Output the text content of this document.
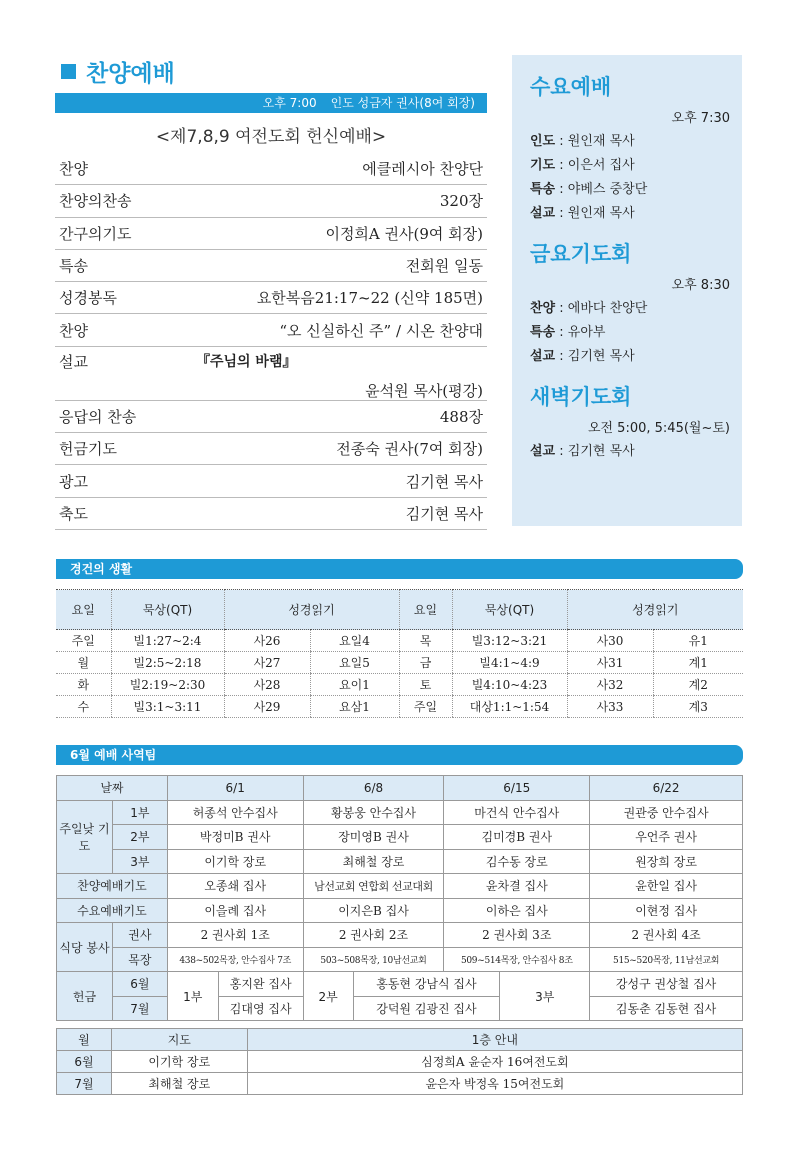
찬양예배
오후 7:00 인도 성금자 권사(8여 회장)
<제7,8,9 여전도회 헌신예배>
찬양	에클레시아 찬양단
찬양의찬송	320장
간구의기도	이정희A 권사(9여 회장)
특송	전회원 일동
성경봉독	요한복음21:17~22 (신약 185면)
찬양	“오 신실하신 주” / 시온 찬양대
설교	『주님의 바램』
윤석원 목사(평강)
응답의 찬송	488장
헌금기도	전종숙 권사(7여 회장)
광고	김기현 목사
축도	김기현 목사
수요예배
오후 7:30
인도 : 원인재 목사
기도 : 이은서 집사
특송 : 야베스 중창단
설교 : 원인재 목사
금요기도회
오후 8:30
찬양 : 에바다 찬양단
특송 : 유아부
설교 : 김기현 목사
새벽기도회
오전 5:00, 5:45(월~토)
설교 : 김기현 목사
경건의 생활
요일	묵상(QT)	성경읽기		요일	묵상(QT)	성경읽기	
주일	빌1:27~2:4	사26	요일4	목	빌3:12~3:21	사30	유1
월	빌2:5~2:18	사27	요일5	금	빌4:1~4:9	사31	계1
화	빌2:19~2:30	사28	요이1	토	빌4:10~4:23	사32	계2
수	빌3:1~3:11	사29	요삼1	주일	대상1:1~1:54	사33	계3
6월 예배 사역팀
날짜		6/1		6/8		6/15		6/22
주일낮 기도	1부	허종석 안수집사		황봉웅 안수집사		마건식 안수집사		권관중 안수집사
	2부	박정미B 권사		장미영B 권사		김미경B 권사		우언주 권사
	3부	이기학 장로		최해철 장로		김수동 장로		원장희 장로
찬양예배기도		오종쇄 집사		남선교회 연합회 선교대회		윤차결 집사		윤한일 집사
수요예배기도		이을례 집사		이지은B 집사		이하은 집사		이현정 집사
식당 봉사	권사	2 권사회 1조		2 권사회 2조		2 권사회 3조		2 권사회 4조
	목장	438~502목장, 안수집사 7조		503~508목장, 10남선교회		509~514목장, 안수집사 8조		515~520목장, 11남선교회
헌금	6월	1부	홍지완 집사	2부	홍동현 강남식 집사		3부	강성구 권상철 집사
	7월		김대영 집사		강덕원 김광진 집사			김동춘 김동현 집사
월	지도	1층 안내
6월	이기학 장로	심정희A 윤순자 16여전도회
7월	최해철 장로	윤은자 박정옥 15여전도회
